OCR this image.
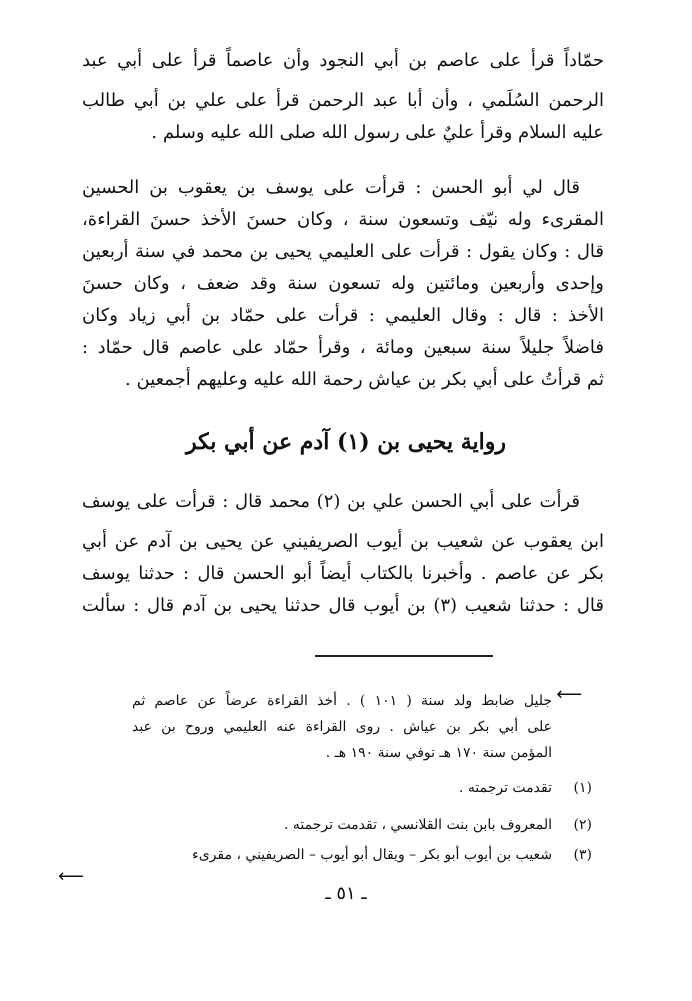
حمّاداً قرأ على عاصم بن أبي النجود وأن عاصماً قرأ على أبي عبد
الرحمن السُلَمي ، وأن أبا عبد الرحمن قرأ على علي بن أبي طالب
عليه السلام وقرأ عليٌ على رسول الله صلى الله عليه وسلم .
قال لي أبو الحسن : قرأت على يوسف بن يعقوب بن الحسين
المقرىء وله نيّف وتسعون سنة ، وكان حسنَ الأخذ حسنَ القراءة،
قال : وكان يقول : قرأت على العليمي يحيى بن محمد في سنة أربعين
وإحدى وأربعين ومائتين وله تسعون سنة وقد ضعف ، وكان حسنَ
الأخذ : قال : وقال العليمي : قرأت على حمّاد بن أبي زياد وكان
فاضلاً جليلاً سنة سبعين ومائة ، وقرأ حمّاد على عاصم قال حمّاد :
ثم قرأتُ على أبي بكر بن عياش رحمة الله عليه وعليهم أجمعين .
رواية يحيى بن (١) آدم عن أبي بكر
قرأت على أبي الحسن علي بن (٢) محمد قال : قرأت على يوسف
ابن يعقوب عن شعيب بن أيوب الصريفيني عن يحيى بن آدم عن أبي
بكر عن عاصم . وأخبرنا بالكتاب أيضاً أبو الحسن قال : حدثنا يوسف
قال : حدثنا شعيب (٣) بن أيوب قال حدثنا يحيى بن آدم قال : سألت
⟵
جليل ضابط ولد سنة ( ١٠١ ) . أخذ القراءة عرضاً عن عاصم ثم
على أبي بكر بن عياش . روى القراءة عنه العليمي وروح بن عبد
المؤمن سنة ١٧٠ هـ توفي سنة ١٩٠ هـ .
(١)
تقدمت ترجمته .
(٢)
المعروف بابن بنت القلانسي ، تقدمت ترجمته .
(٣)
شعيب بن أيوب أبو بكر – ويقال أبو أيوب – الصريفيني ، مقرىء
⟵
ـ ٥١ ـ
